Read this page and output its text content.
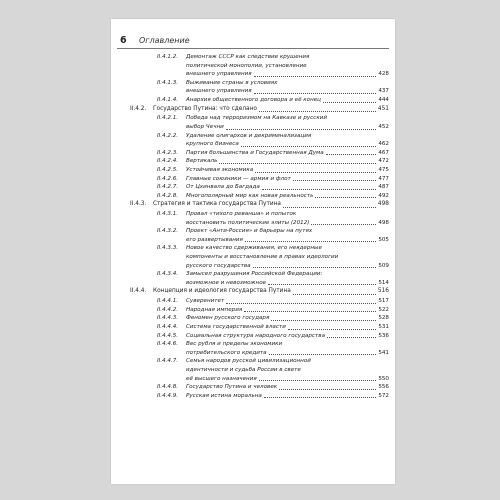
6 Оглавление
II.4.1.2. Демонтаж СССР как следствие крушения
политической монополии, установление
внешнего управления	428
II.4.1.3. Выживание страны в условиях
внешнего управления	437
II.4.1.4. Анархия общественного договора и её конец	444
II.4.2. Государство Путина: что сделано	451
II.4.2.1. Победа над терроризмом на Кавказе и русский
выбор Чечни	452
II.4.2.2. Удаление олигархов и декриминализация
крупного бизнеса	462
II.4.2.3. Партия большинства и Государственная Дума	467
II.4.2.4. Вертикаль	472
II.4.2.5. Устойчивая экономика	475
II.4.2.6. Главные союзники — армия и флот	477
II.4.2.7. От Цхинвала до Багдада	487
II.4.2.8. Многополярный мир как новая реальность	492
II.4.3. Стратегия и тактика государства Путина	498
II.4.3.1. Провал «тихого реванша» и попыток
восстановить политические элиты (2012)	498
II.4.3.2. Проект «Анти-Россия» и барьеры на путях
его развертывания	505
II.4.3.3. Новое качество сдерживания, его неядерные
компоненты и восстановление в правах идеологии
русского государства	509
II.4.3.4. Замысел разрушения Российской Федерации:
возможное и невозможное	514
II.4.4. Концепция и идеология государства Путина	516
II.4.4.1. Суверенитет	517
II.4.4.2. Народная империя	522
II.4.4.3. Феномен русского государя	528
II.4.4.4. Система государственной власти	531
II.4.4.5. Социальная структура народного государства	536
II.4.4.6. Вес рубля и пределы экономики
потребительского кредита	541
II.4.4.7. Семья народов русской цивилизационной
идентичности и судьба России в свете
её высшего назначения	550
II.4.4.8. Государство Путина и человек	556
II.4.4.9. Русская истина моральна	572
